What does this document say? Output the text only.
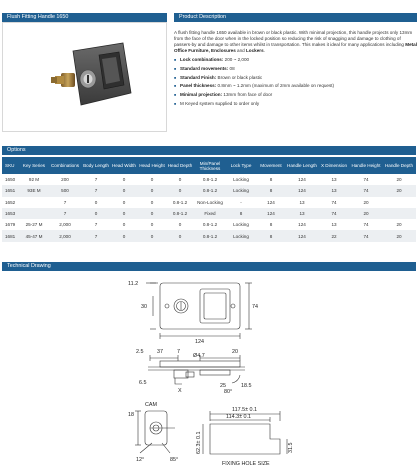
Flush Fitting Handle 1650	Product Description

A flush fitting handle 1650 available in brown or black plastic. With minimal projection, this handle projects only 13mm from the face of the door when in the locked position so reducing the risk of snagging and damage to clothing of passers-by and damage to other items whilst in transportation. This makes it ideal for many applications including Metal Office Furniture, Enclosures and Lockers.

■ Lock combinations: 200 ~ 2,000
■ Standard movements: 08
■ Standard Finish: Brown or black plastic
■ Panel thickness: 0.8mm ~ 1.2mm (maximum of 2mm available on request)
■ Minimal projection: 13mm from face of door
■ M Keyed system supplied to order only
Options
SKU	Key Series	Combinations	Body Length	Head Width	Head Height	Head Depth	Min/Panel Thickness	Lock Type	Movement	Handle Length	X Dimension	Handle Height	Handle Depth
1650	92 M	200	7	0	0	0	0.8-1.2	Locking	8	124	13	74	20
1651	93E M	500	7	0	0	0	0.8-1.2	Locking	8	124	13	74	20
1652		7	0	0	0	0.8-1.2	Non-Locking	-	124	13	74	20	
1653		7	0	0	0	0.8-1.2	Fixed	8	124	13	74	20	
1679	25-27 M	2,000	7	0	0	0	0.8-1.2	Locking	8	124	13	74	20
1681	45-47 M	2,000	7	0	0	0	0.8-1.2	Locking	8	124	22	74	20
Technical Drawing
11.2
30	74
124
2.5	37	7	20
Ø4.7
X
6.5	25	18.5
80°
CAM
18
12°	85°
117.5± 0.1
114.3± 0.1
62.3± 0.1	31.5
FIXING HOLE SIZE
